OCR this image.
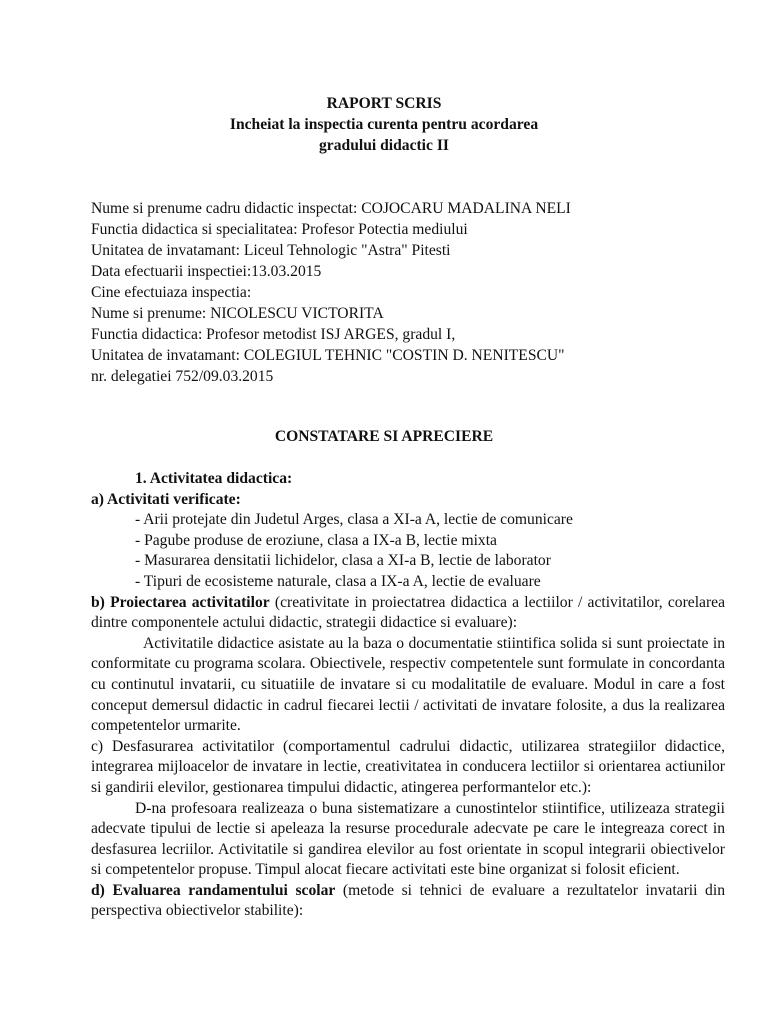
RAPORT SCRIS
Incheiat la inspectia curenta pentru acordarea
gradului didactic II
Nume si prenume cadru didactic inspectat: COJOCARU MADALINA NELI
Functia didactica si specialitatea: Profesor Potectia mediului
Unitatea de invatamant: Liceul Tehnologic "Astra" Pitesti
Data efectuarii inspectiei:13.03.2015
Cine efectuiaza inspectia:
Nume si prenume: NICOLESCU VICTORITA
Functia didactica: Profesor metodist ISJ ARGES, gradul I,
Unitatea de invatamant: COLEGIUL TEHNIC "COSTIN D. NENITESCU"
nr. delegatiei 752/09.03.2015
CONSTATARE SI APRECIERE

1. Activitatea didactica:

a) Activitati verificate:

- Arii protejate din Judetul Arges, clasa a XI-a A, lectie de comunicare

- Pagube produse de eroziune, clasa a IX-a B, lectie mixta

- Masurarea densitatii lichidelor, clasa a XI-a B, lectie de laborator

- Tipuri de ecosisteme naturale, clasa a IX-a A, lectie de evaluare

b) Proiectarea activitatilor (creativitate in proiectatrea didactica a lectiilor / activitatilor, corelarea dintre componentele actului didactic, strategii didactice si evaluare):

Activitatile didactice asistate au la baza o documentatie stiintifica solida si sunt proiectate in conformitate cu programa scolara. Obiectivele, respectiv competentele sunt formulate in concordanta cu continutul invatarii, cu situatiile de invatare si cu modalitatile de evaluare. Modul in care a fost conceput demersul didactic in cadrul fiecarei lectii / activitati de invatare folosite, a dus la realizarea competentelor urmarite.

c) Desfasurarea activitatilor (comportamentul cadrului didactic, utilizarea strategiilor didactice, integrarea mijloacelor de invatare in lectie, creativitatea in conducera lectiilor si orientarea actiunilor si gandirii elevilor, gestionarea timpului didactic, atingerea performantelor etc.):

D-na profesoara realizeaza o buna sistematizare a cunostintelor stiintifice, utilizeaza strategii adecvate tipului de lectie si apeleaza la resurse procedurale adecvate pe care le integreaza corect in desfasurea lecriilor. Activitatile si gandirea elevilor au fost orientate in scopul integrarii obiectivelor si competentelor propuse. Timpul alocat fiecare activitati este bine organizat si folosit eficient.

d) Evaluarea randamentului scolar (metode si tehnici de evaluare a rezultatelor invatarii din perspectiva obiectivelor stabilite):
